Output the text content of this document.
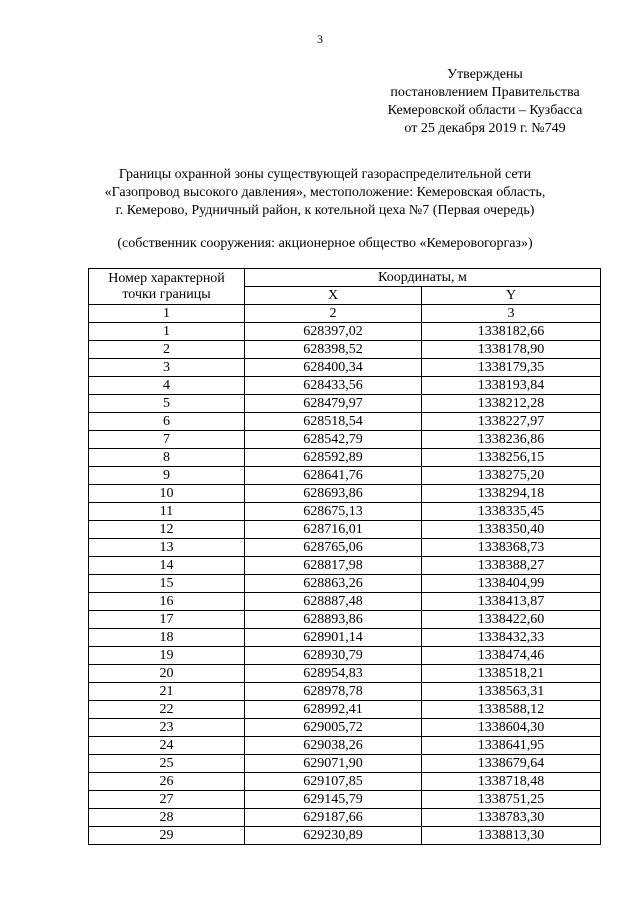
3
Утверждены
постановлением Правительства
Кемеровской области – Кузбасса
от 25 декабря 2019 г. №749
Границы охранной зоны существующей газораспределительной сети
«Газопровод высокого давления», местоположение: Кемеровская область,
г. Кемерово, Рудничный район, к котельной цеха №7 (Первая очередь)
(собственник сооружения: акционерное общество «Кемеровогоргаз»)
Номер характерной
точки границы	Координаты, м	
	X	Y
1	2	3
1	628397,02	1338182,66
2	628398,52	1338178,90
3	628400,34	1338179,35
4	628433,56	1338193,84
5	628479,97	1338212,28
6	628518,54	1338227,97
7	628542,79	1338236,86
8	628592,89	1338256,15
9	628641,76	1338275,20
10	628693,86	1338294,18
11	628675,13	1338335,45
12	628716,01	1338350,40
13	628765,06	1338368,73
14	628817,98	1338388,27
15	628863,26	1338404,99
16	628887,48	1338413,87
17	628893,86	1338422,60
18	628901,14	1338432,33
19	628930,79	1338474,46
20	628954,83	1338518,21
21	628978,78	1338563,31
22	628992,41	1338588,12
23	629005,72	1338604,30
24	629038,26	1338641,95
25	629071,90	1338679,64
26	629107,85	1338718,48
27	629145,79	1338751,25
28	629187,66	1338783,30
29	629230,89	1338813,30
